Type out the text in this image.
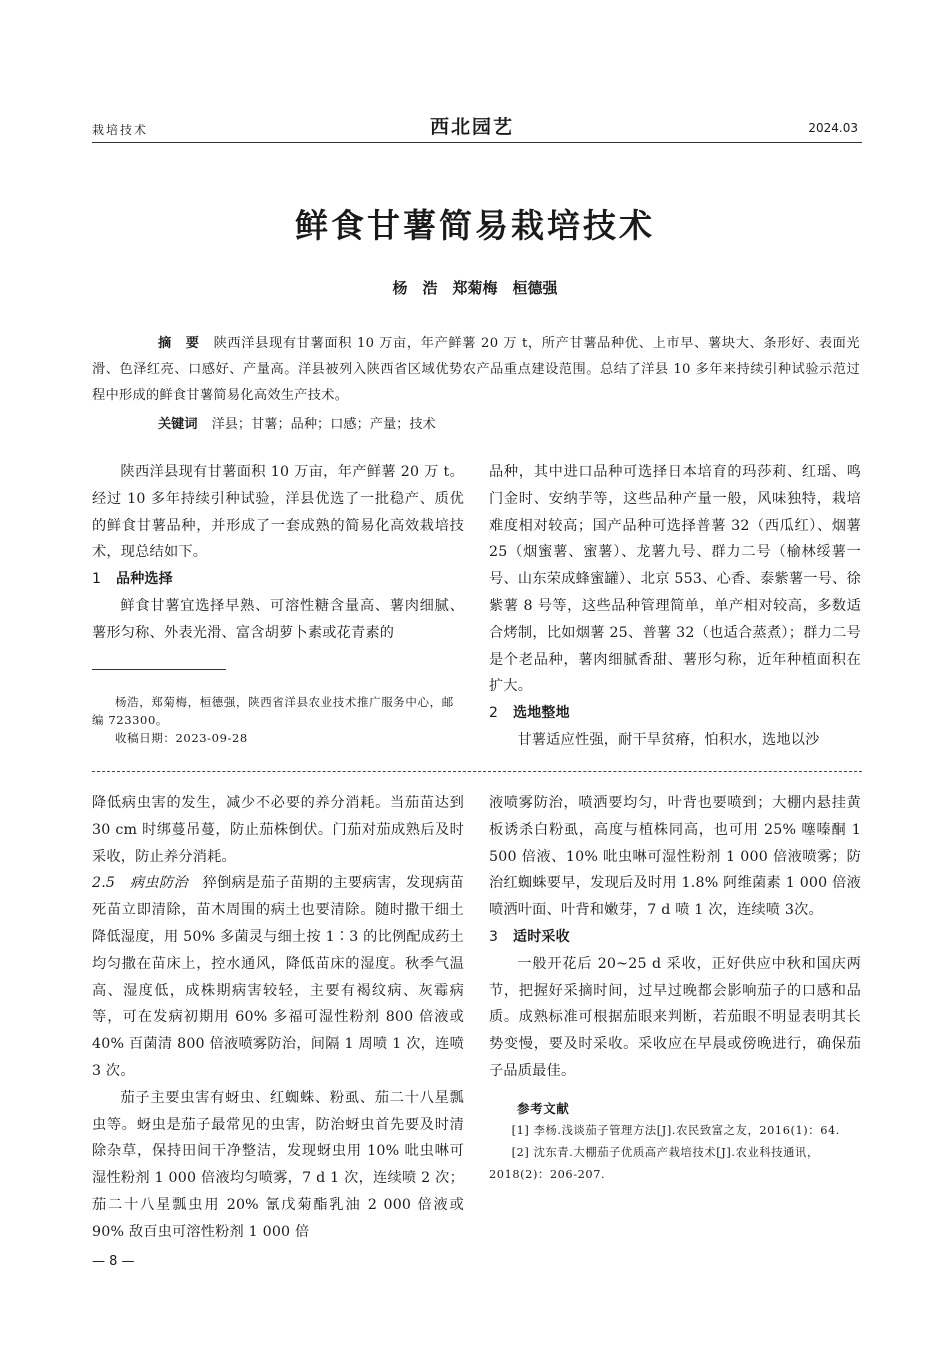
栽培技术	西北园艺	2024.03
鲜食甘薯简易栽培技术
杨　浩　郑菊梅　桓德强
摘　要 陕西洋县现有甘薯面积 10 万亩，年产鲜薯 20 万 t，所产甘薯品种优、上市早、薯块大、条形好、表面光滑、色泽红亮、口感好、产量高。洋县被列入陕西省区域优势农产品重点建设范围。总结了洋县 10 多年来持续引种试验示范过程中形成的鲜食甘薯简易化高效生产技术。
关键词 洋县；甘薯；品种；口感；产量；技术

陕西洋县现有甘薯面积 10 万亩，年产鲜薯 20 万 t。经过 10 多年持续引种试验，洋县优选了一批稳产、质优的鲜食甘薯品种，并形成了一套成熟的简易化高效栽培技术，现总结如下。

1 品种选择

鲜食甘薯宜选择早熟、可溶性糖含量高、薯肉细腻、薯形匀称、外表光滑、富含胡萝卜素或花青素的

杨浩，郑菊梅，桓德强，陕西省洋县农业技术推广服务中心，邮编 723300。

收稿日期：2023-09-28

品种，其中进口品种可选择日本培育的玛莎莉、红瑶、鸣门金时、安纳芋等，这些品种产量一般，风味独特，栽培难度相对较高；国产品种可选择普薯 32（西瓜红）、烟薯 25（烟蜜薯、蜜薯）、龙薯九号、群力二号（榆林绥薯一号、山东荣成蜂蜜罐）、北京 553、心香、泰紫薯一号、徐紫薯 8 号等，这些品种管理简单，单产相对较高，多数适合烤制，比如烟薯 25、普薯 32（也适合蒸煮）；群力二号是个老品种，薯肉细腻香甜、薯形匀称，近年种植面积在扩大。

2 选地整地

甘薯适应性强，耐干旱贫瘠，怕积水，选地以沙

降低病虫害的发生，减少不必要的养分消耗。当茄苗达到 30 cm 时绑蔓吊蔓，防止茄株倒伏。门茄对茄成熟后及时采收，防止养分消耗。

2.5　病虫防治　 猝倒病是茄子苗期的主要病害，发现病苗死苗立即清除，苗木周围的病土也要清除。随时撒干细土降低湿度，用 50% 多菌灵与细土按 1∶3 的比例配成药土均匀撒在苗床上，控水通风，降低苗床的湿度。秋季气温高、湿度低，成株期病害较轻，主要有褐纹病、灰霉病等，可在发病初期用 60% 多福可湿性粉剂 800 倍液或 40% 百菌清 800 倍液喷雾防治，间隔 1 周喷 1 次，连喷 3 次。

茄子主要虫害有蚜虫、红蜘蛛、粉虱、茄二十八星瓢虫等。蚜虫是茄子最常见的虫害，防治蚜虫首先要及时清除杂草，保持田间干净整洁，发现蚜虫用 10% 吡虫啉可湿性粉剂 1 000 倍液均匀喷雾，7 d 1 次，连续喷 2 次；茄二十八星瓢虫用 20% 氰戊菊酯乳油 2 000 倍液或 90% 敌百虫可溶性粉剂 1 000 倍

液喷雾防治，喷洒要均匀，叶背也要喷到；大棚内悬挂黄板诱杀白粉虱，高度与植株同高，也可用 25% 噻嗪酮 1 500 倍液、10% 吡虫啉可湿性粉剂 1 000 倍液喷雾；防治红蜘蛛要早，发现后及时用 1.8% 阿维菌素 1 000 倍液喷洒叶面、叶背和嫩芽，7 d 喷 1 次，连续喷 3次。

3 适时采收

一般开花后 20~25 d 采收，正好供应中秋和国庆两节，把握好采摘时间，过早过晚都会影响茄子的口感和品质。成熟标准可根据茄眼来判断，若茄眼不明显表明其长势变慢，要及时采收。采收应在早晨或傍晚进行，确保茄子品质最佳。

参考文献

[1] 李杨.浅谈茄子管理方法[J].农民致富之友，2016(1)：64.

[2] 沈东青.大棚茄子优质高产栽培技术[J].农业科技通讯，2018(2)：206-207.

— 8 —
